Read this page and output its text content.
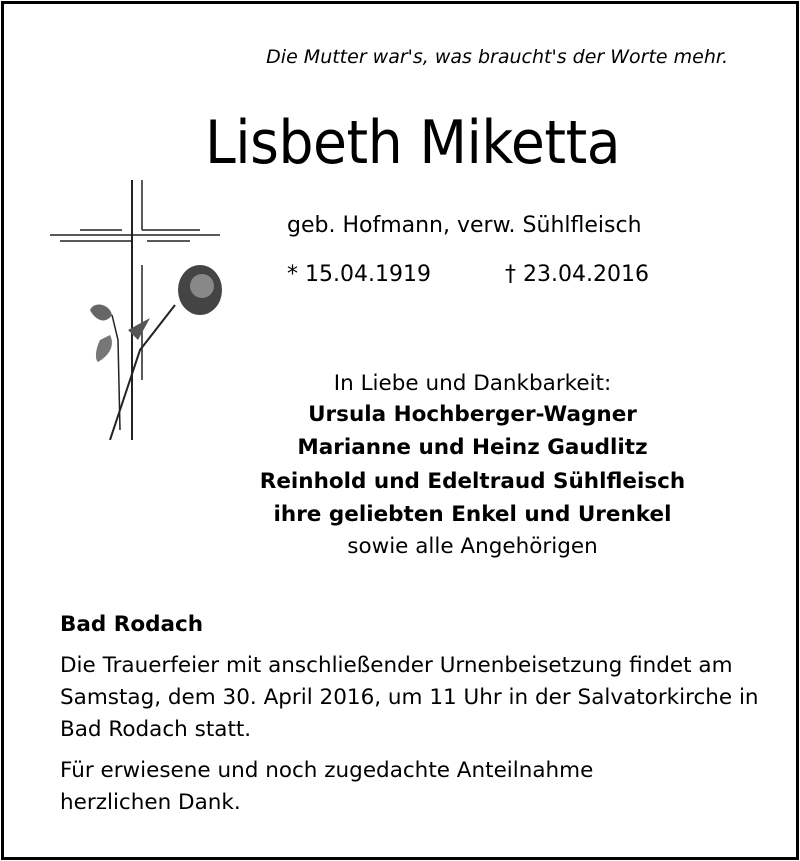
Die Mutter war's, was braucht's der Worte mehr.
Lisbeth Miketta
geb. Hofmann, verw. Sühlfleisch
* 15.04.1919	† 23.04.2016
In Liebe und Dankbarkeit:
Ursula Hochberger-Wagner
Marianne und Heinz Gaudlitz
Reinhold und Edeltraud Sühlfleisch
ihre geliebten Enkel und Urenkel
sowie alle Angehörigen
Bad Rodach
Die Trauerfeier mit anschließender Urnenbeisetzung findet am Samstag, dem 30. April 2016, um 11 Uhr in der Salvatorkirche in Bad Rodach statt.
Für erwiesene und noch zugedachte Anteilnahme herzlichen Dank.
